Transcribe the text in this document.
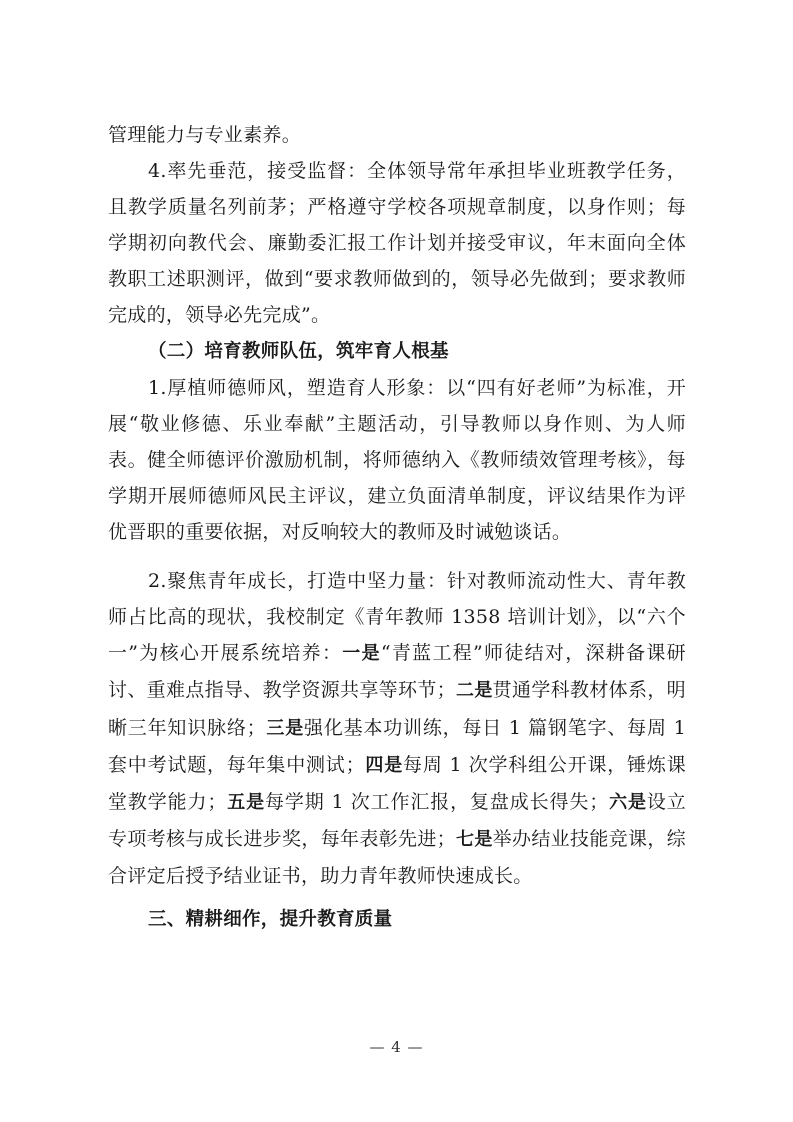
管理能力与专业素养。

4.率先垂范，接受监督：全体领导常年承担毕业班教学任务，且教学质量名列前茅；严格遵守学校各项规章制度，以身作则；每学期初向教代会、廉勤委汇报工作计划并接受审议，年末面向全体教职工述职测评，做到“要求教师做到的，领导必先做到；要求教师完成的，领导必先完成”。

（二）培育教师队伍，筑牢育人根基

1.厚植师德师风，塑造育人形象：以“四有好老师”为标准，开展“敬业修德、乐业奉献”主题活动，引导教师以身作则、为人师表。健全师德评价激励机制，将师德纳入《教师绩效管理考核》，每学期开展师德师风民主评议，建立负面清单制度，评议结果作为评优晋职的重要依据，对反响较大的教师及时诫勉谈话。

2.聚焦青年成长，打造中坚力量：针对教师流动性大、青年教师占比高的现状，我校制定《青年教师 1358 培训计划》，以“六个一”为核心开展系统培养：一是“青蓝工程”师徒结对，深耕备课研讨、重难点指导、教学资源共享等环节；二是贯通学科教材体系，明晰三年知识脉络；三是强化基本功训练，每日 1 篇钢笔字、每周 1 套中考试题，每年集中测试；四是每周 1 次学科组公开课，锤炼课堂教学能力；五是每学期 1 次工作汇报，复盘成长得失；六是设立专项考核与成长进步奖，每年表彰先进；七是举办结业技能竞课，综合评定后授予结业证书，助力青年教师快速成长。

三、精耕细作，提升教育质量

— 4 —
